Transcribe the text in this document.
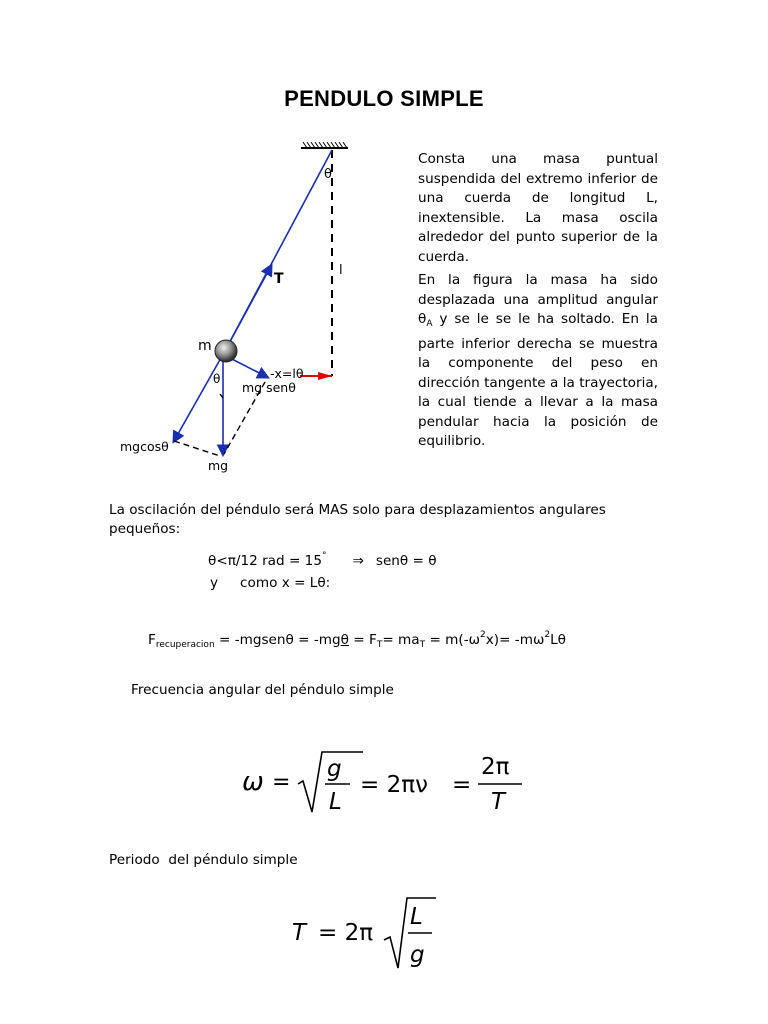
PENDULO SIMPLE
θ
l
T
m
-x=lθ
mg senθ
θ
mgcosθ
mg
Consta una masa puntual suspendida del extremo inferior de una cuerda de longitud L, inextensible. La masa oscila alrededor del punto superior de la cuerda.
En la figura la masa ha sido desplazada una amplitud angular $\theta_A$ y se le se le ha soltado. En la parte inferior derecha se muestra la componente del peso en dirección tangente a la trayectoria, la cual tiende a llevar a la masa pendular hacia la posición de equilibrio.
La oscilación del péndulo será MAS solo para desplazamientos angulares pequeños:
θ<π/12 rad = 15° ⇒ senθ = θ
y como x = Lθ:
$F_{recuperacion}$ = -mgsenθ = $-mg\theta = F_T= ma_T = m(-\omega^2x)= -m\omega^2L\theta$
Frecuencia angular del péndulo simple
ω =
g
L
= 2πν =
2π
T
Periodo  del péndulo simple
T = 2π
L
g
